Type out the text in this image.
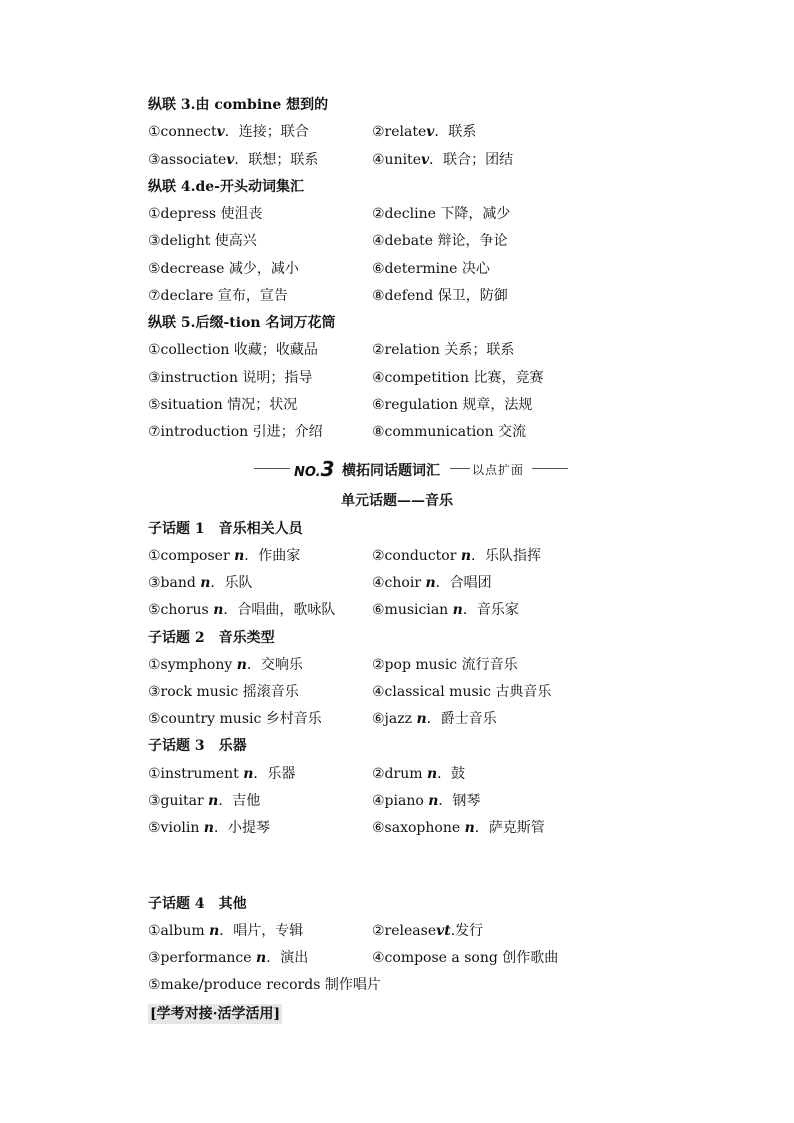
纵联 3.由 combine 想到的
①connectv．连接；联合	②relatev．联系
③associatev．联想；联系	④unitev．联合；团结
纵联 4.de-开头动词集汇
①depress 使沮丧	②decline 下降，减少
③delight 使高兴	④debate 辩论，争论
⑤decrease 减少，减小	⑥determine 决心
⑦declare 宣布，宣告	⑧defend 保卫，防御
纵联 5.后缀-tion 名词万花筒
①collection 收藏；收藏品	②relation 关系；联系
③instruction 说明；指导	④competition 比赛，竞赛
⑤situation 情况；状况	⑥regulation 规章，法规
⑦introduction 引进；介绍	⑧communication 交流
NO.3 横拓同话题词汇	以点扩面
单元话题——音乐
子话题 1　音乐相关人员
①composer n．作曲家	②conductor n．乐队指挥
③band n．乐队	④choir n．合唱团
⑤chorus n．合唱曲，歌咏队	⑥musician n．音乐家
子话题 2　音乐类型
①symphony n．交响乐	②pop music 流行音乐
③rock music 摇滚音乐	④classical music 古典音乐
⑤country music 乡村音乐	⑥jazz n．爵士音乐
子话题 3　乐器
①instrument n．乐器	②drum n．鼓
③guitar n．吉他	④piano n．钢琴
⑤violin n．小提琴	⑥saxophone n．萨克斯管
子话题 4　其他
①album n．唱片，专辑	②releasevt.发行
③performance n．演出	④compose a song 创作歌曲
⑤make/produce records 制作唱片
[学考对接·活学活用]
